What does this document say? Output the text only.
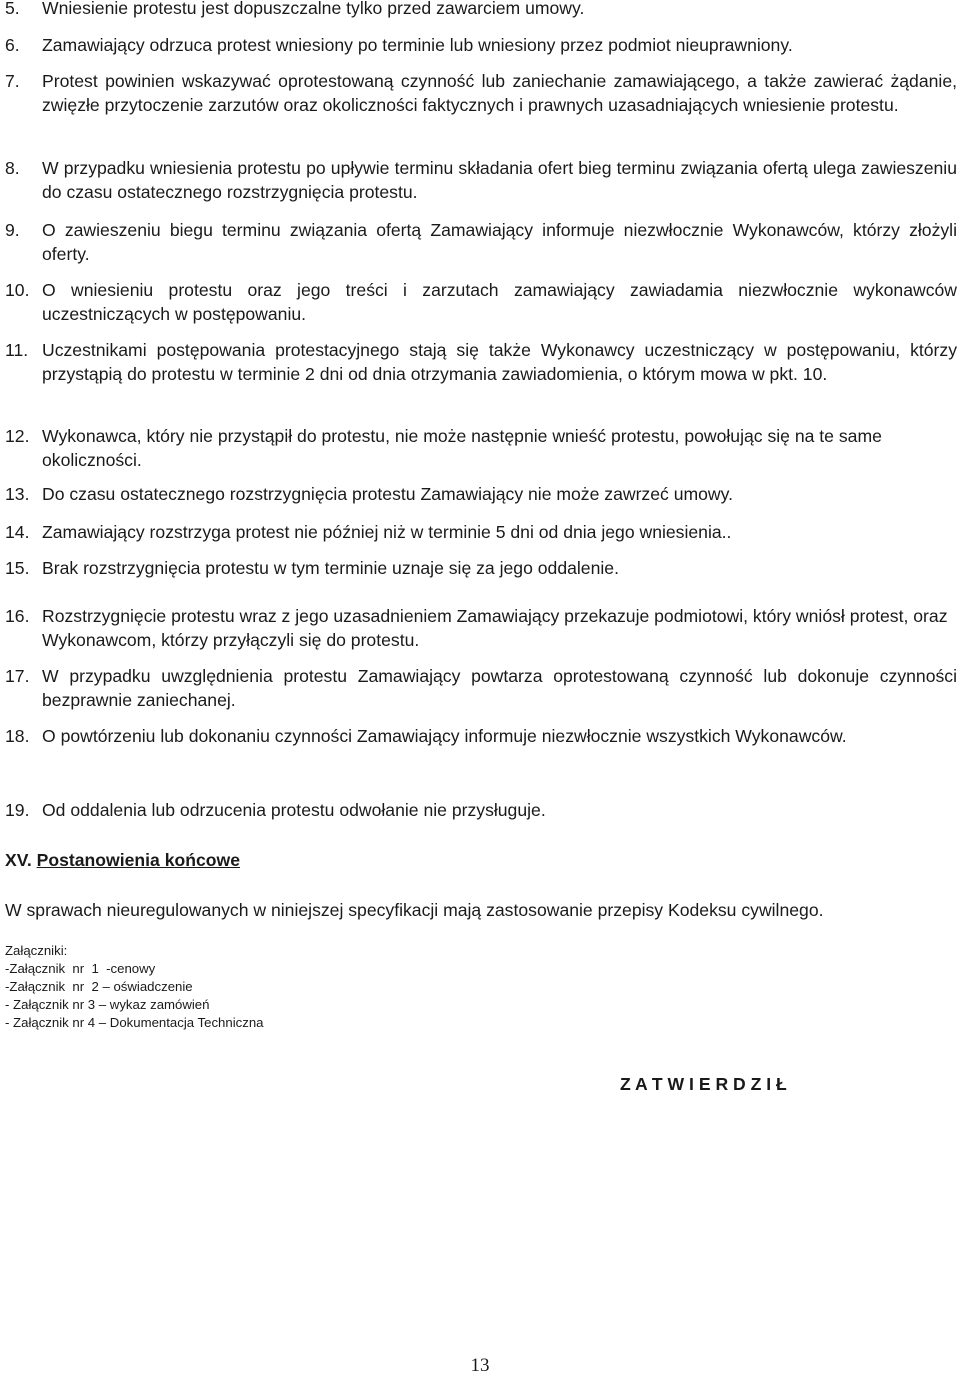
5. Wniesienie protestu jest dopuszczalne tylko przed zawarciem umowy.
6. Zamawiający odrzuca protest wniesiony po terminie lub wniesiony przez podmiot nieuprawniony.
7. Protest powinien wskazywać oprotestowaną czynność lub zaniechanie zamawiającego, a także zawierać żądanie, zwięzłe przytoczenie zarzutów oraz okoliczności faktycznych i prawnych uzasadniających wniesienie protestu.
8. W przypadku wniesienia protestu po upływie terminu składania ofert bieg terminu związania ofertą ulega zawieszeniu do czasu ostatecznego rozstrzygnięcia protestu.
9. O zawieszeniu biegu terminu związania ofertą Zamawiający informuje niezwłocznie Wykonawców, którzy złożyli oferty.
10. O wniesieniu protestu oraz jego treści i zarzutach zamawiający zawiadamia niezwłocznie wykonawców uczestniczących w postępowaniu.
11. Uczestnikami postępowania protestacyjnego stają się także Wykonawcy uczestniczący w postępowaniu, którzy przystąpią do protestu w terminie 2 dni od dnia otrzymania zawiadomienia, o którym mowa w pkt. 10.
12. Wykonawca, który nie przystąpił do protestu, nie może następnie wnieść protestu, powołując się na te same okoliczności.
13. Do czasu ostatecznego rozstrzygnięcia protestu Zamawiający nie może zawrzeć umowy.
14. Zamawiający rozstrzyga protest nie później niż w terminie 5 dni od dnia jego wniesienia..
15. Brak rozstrzygnięcia protestu w tym terminie uznaje się za jego oddalenie.
16. Rozstrzygnięcie protestu wraz z jego uzasadnieniem Zamawiający przekazuje podmiotowi, który wniósł protest, oraz Wykonawcom, którzy przyłączyli się do protestu.
17. W przypadku uwzględnienia protestu Zamawiający powtarza oprotestowaną czynność lub dokonuje czynności bezprawnie zaniechanej.
18. O powtórzeniu lub dokonaniu czynności Zamawiający informuje niezwłocznie wszystkich Wykonawców.
19. Od oddalenia lub odrzucenia protestu odwołanie nie przysługuje.
XV. Postanowienia końcowe
W sprawach nieuregulowanych w niniejszej specyfikacji mają zastosowanie przepisy Kodeksu cywilnego.
Załączniki:
-Załącznik  nr  1  -cenowy
-Załącznik  nr  2 – oświadczenie
- Załącznik nr 3 – wykaz zamówień
- Załącznik nr 4 – Dokumentacja Techniczna
Z A T W I E R D Z I Ł
13
